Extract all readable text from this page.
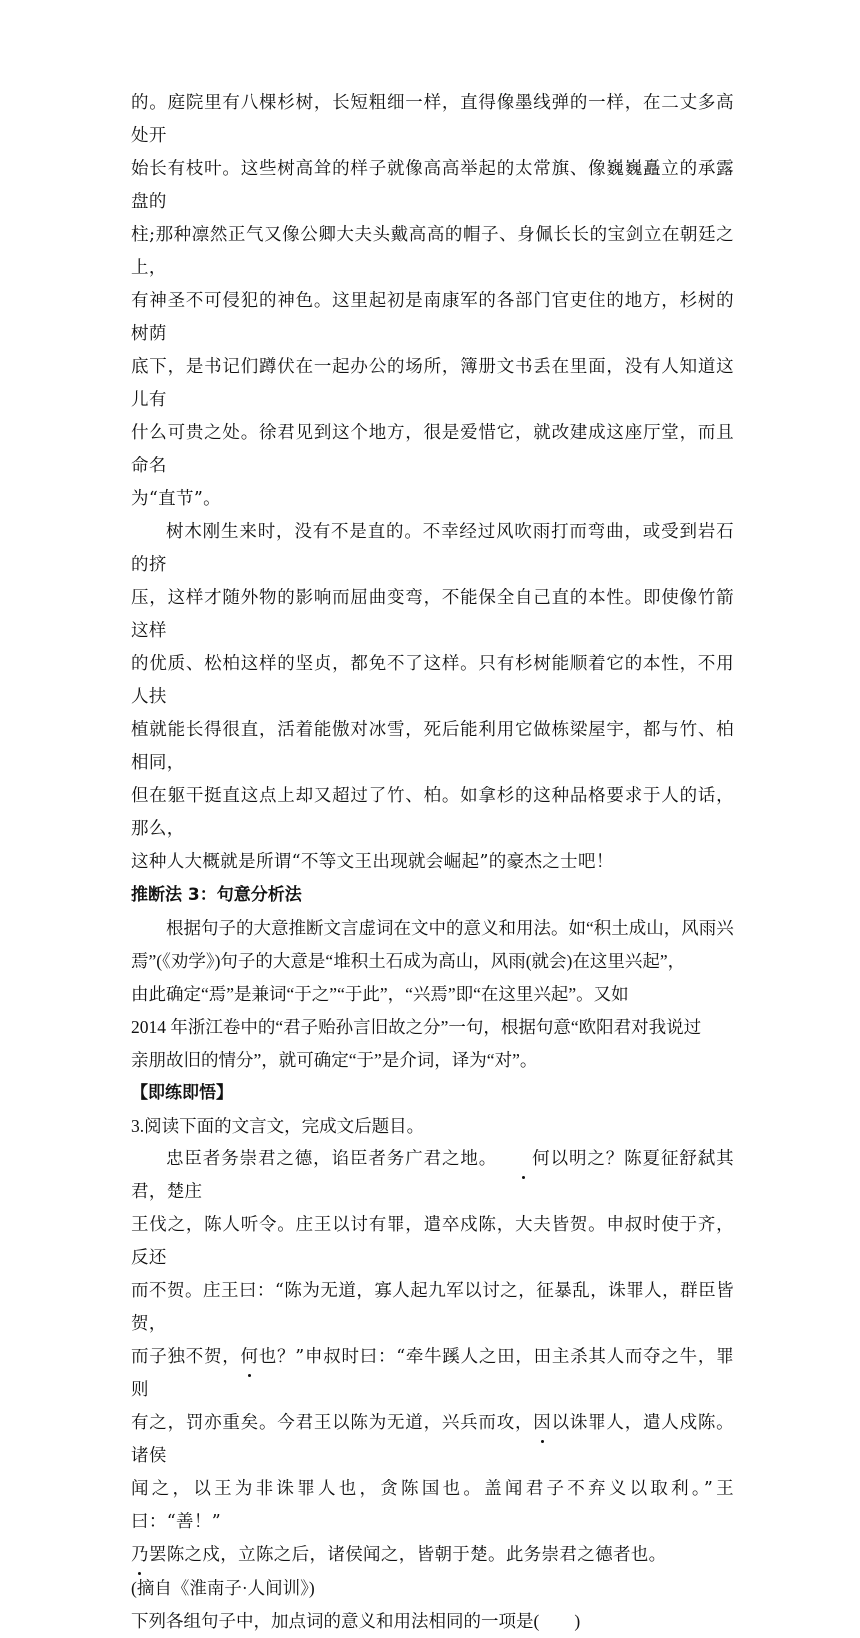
的。庭院里有八棵杉树，长短粗细一样，直得像墨线弹的一样，在二丈多高处开

始长有枝叶。这些树高耸的样子就像高高举起的太常旗、像巍巍矗立的承露盘的

柱;那种凛然正气又像公卿大夫头戴高高的帽子、身佩长长的宝剑立在朝廷之上，

有神圣不可侵犯的神色。这里起初是南康军的各部门官吏住的地方，杉树的树荫

底下，是书记们蹲伏在一起办公的场所，簿册文书丢在里面，没有人知道这儿有

什么可贵之处。徐君见到这个地方，很是爱惜它，就改建成这座厅堂，而且命名

为“直节”。

树木刚生来时，没有不是直的。不幸经过风吹雨打而弯曲，或受到岩石的挤

压，这样才随外物的影响而屈曲变弯，不能保全自己直的本性。即使像竹箭这样

的优质、松柏这样的坚贞，都免不了这样。只有杉树能顺着它的本性，不用人扶

植就能长得很直，活着能傲对冰雪，死后能利用它做栋梁屋宇，都与竹、柏相同，

但在躯干挺直这点上却又超过了竹、柏。如拿杉的这种品格要求于人的话，那么，

这种人大概就是所谓“不等文王出现就会崛起”的豪杰之士吧！

推断法 3：句意分析法

根据句子的大意推断文言虚词在文中的意义和用法。如“积土成山，风雨兴

焉”(《劝学》)句子的大意是“堆积土石成为高山，风雨(就会)在这里兴起”，

由此确定“焉”是兼词“于之”“于此”，“兴焉”即“在这里兴起”。又如

2014 年浙江卷中的“君子贻孙言旧故之分”一句，根据句意“欧阳君对我说过

亲朋故旧的情分”，就可确定“于”是介词，译为“对”。

【即练即悟】

3.阅读下面的文言文，完成文后题目。

忠臣者务崇君之德，谄臣者务广君之地。 何以明之？陈夏征舒弑其君，楚庄

王伐之，陈人听令。庄王以讨有罪，遣卒戍陈，大夫皆贺。申叔时使于齐，反还

而不贺。庄王曰：“陈为无道，寡人起九军以讨之，征暴乱，诛罪人，群臣皆贺，

而子独不贺，何也？”申叔时曰：“牵牛蹊人之田，田主杀其人而夺之牛，罪则

有之，罚亦重矣。今君王以陈为无道，兴兵而攻，因以诛罪人，遣人戍陈。诸侯

闻之，以王为非诛罪人也，贪陈国也。盖闻君子不弃义以取利。”王曰：“善！”

乃罢陈之戍，立陈之后，诸侯闻之，皆朝于楚。此务崇君之德者也。

(摘自《淮南子·人间训》)

下列各组句子中，加点词的意义和用法相同的一项是(　　)
